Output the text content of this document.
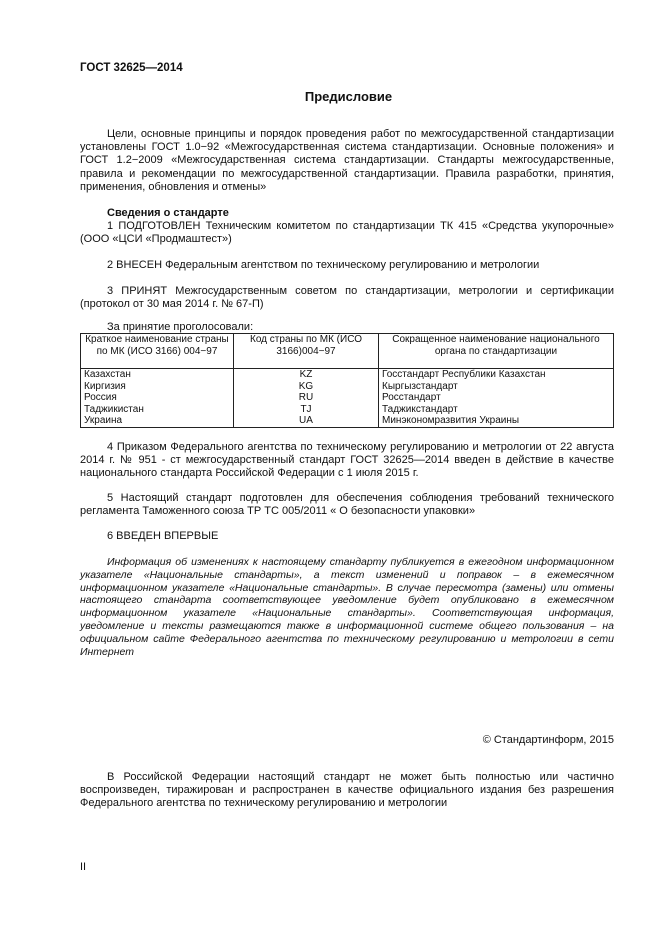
ГОСТ 32625—2014
Предисловие
Цели, основные принципы и порядок проведения работ по межгосударственной стандартизации установлены ГОСТ 1.0−92 «Межгосударственная система стандартизации. Основные положения» и ГОСТ 1.2−2009 «Межгосударственная система стандартизации. Стандарты межгосударственные, правила и рекомендации по межгосударственной стандартизации. Правила разработки, принятия, применения, обновления и отмены»
Сведения о стандарте
1 ПОДГОТОВЛЕН Техническим комитетом по стандартизации ТК 415 «Средства укупорочные» (ООО «ЦСИ «Продмаштест»)
2 ВНЕСЕН Федеральным агентством по техническому регулированию и метрологии
3 ПРИНЯТ Межгосударственным советом по стандартизации, метрологии и сертификации (протокол от 30 мая 2014 г. № 67-П)
За принятие проголосовали:
Краткое наименование страны по МК (ИСО 3166) 004−97	Код страны по МК (ИСО 3166)004−97	Сокращенное наименование национального органа по стандартизации
Казахстан	KZ	Госстандарт Республики Казахстан
Киргизия	KG	Кыргызстандарт
Россия	RU	Росстандарт
Таджикистан	TJ	Таджикстандарт
Украина	UA	Минэкономразвития Украины
4 Приказом Федерального агентства по техническому регулированию и метрологии от 22 августа 2014 г. № 951 - ст межгосударственный стандарт ГОСТ 32625—2014 введен в действие в качестве национального стандарта Российской Федерации с 1 июля 2015 г.
5 Настоящий стандарт подготовлен для обеспечения соблюдения требований технического регламента Таможенного союза ТР ТС 005/2011 « О безопасности упаковки»
6 ВВЕДЕН ВПЕРВЫЕ
Информация об изменениях к настоящему стандарту публикуется в ежегодном информационном указателе «Национальные стандарты», а текст изменений и поправок – в ежемесячном информационном указателе «Национальные стандарты». В случае пересмотра (замены) или отмены настоящего стандарта соответствующее уведомление будет опубликовано в ежемесячном информационном указателе «Национальные стандарты». Соответствующая информация, уведомление и тексты размещаются также в информационной системе общего пользования – на официальном сайте Федерального агентства по техническому регулированию и метрологии в сети Интернет
© Стандартинформ, 2015
В Российской Федерации настоящий стандарт не может быть полностью или частично воспроизведен, тиражирован и распространен в качестве официального издания без разрешения Федерального агентства по техническому регулированию и метрологии
II
